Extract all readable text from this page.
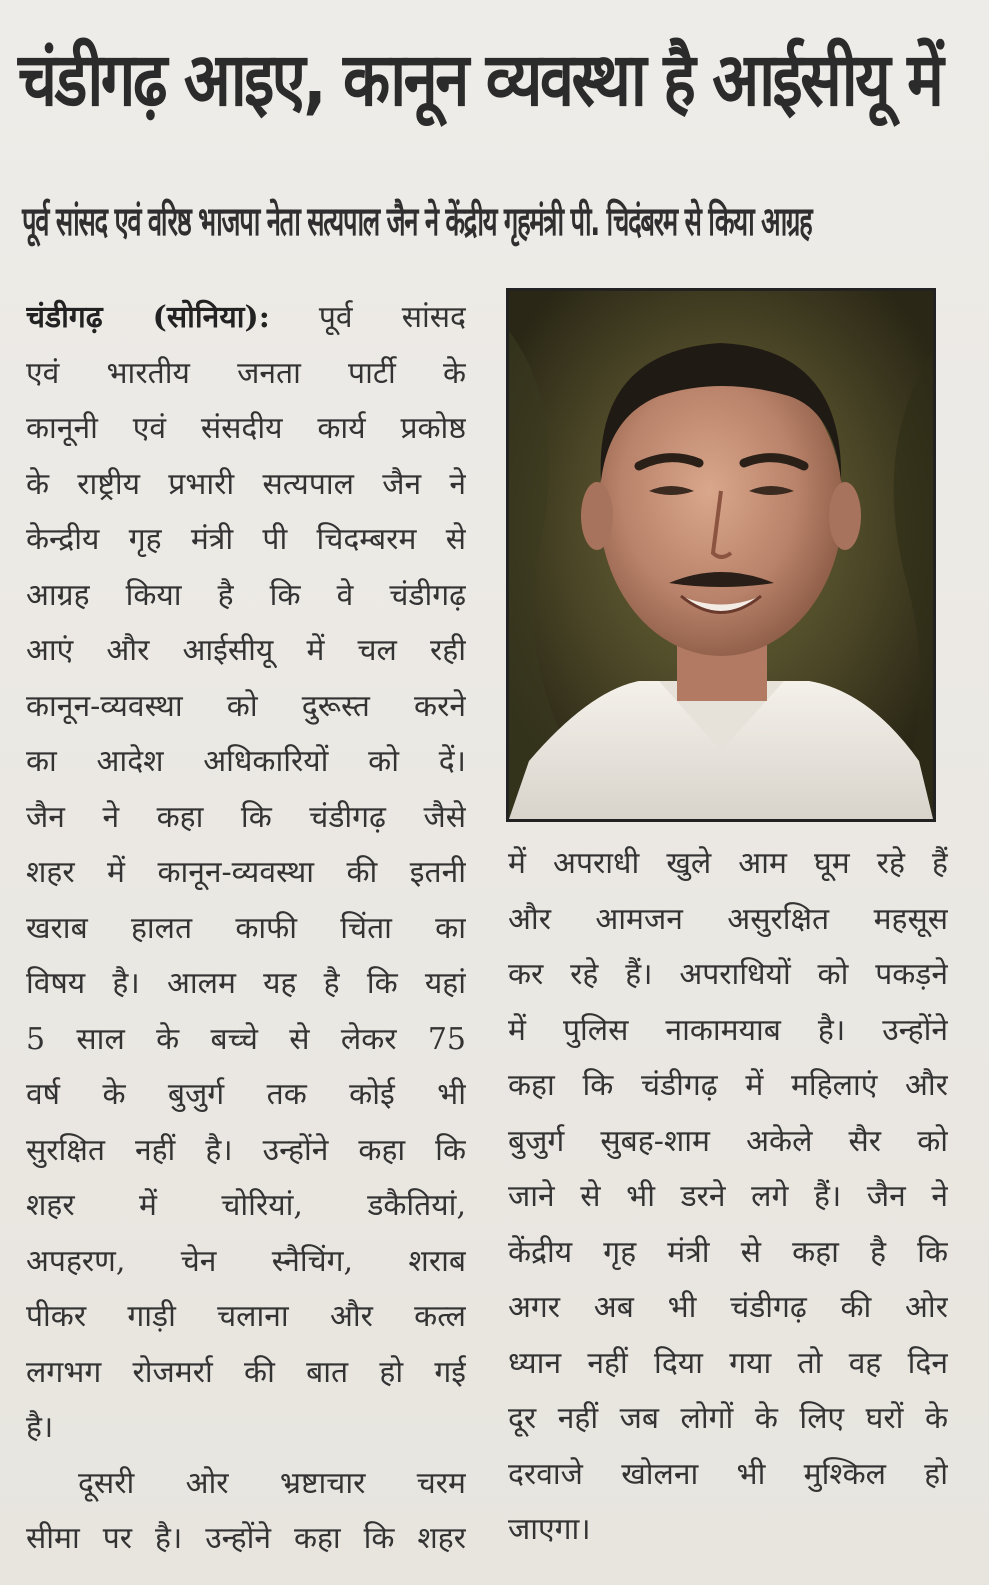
चंडीगढ़ आइए, कानून व्यवस्था है आईसीयू में
पूर्व सांसद एवं वरिष्ठ भाजपा नेता सत्यपाल जैन ने केंद्रीय गृहमंत्री पी. चिदंबरम से किया आग्रह
चंडीगढ़ (सोनिया): पूर्व सांसद
एवं भारतीय जनता पार्टी के
कानूनी एवं संसदीय कार्य प्रकोष्ठ
के राष्ट्रीय प्रभारी सत्यपाल जैन ने
केन्द्रीय गृह मंत्री पी चिदम्बरम से
आग्रह किया है कि वे चंडीगढ़
आएं और आईसीयू में चल रही
कानून-व्यवस्था को दुरूस्त करने
का आदेश अधिकारियों को दें।
जैन ने कहा कि चंडीगढ़ जैसे
शहर में कानून-व्यवस्था की इतनी
खराब हालत काफी चिंता का
विषय है। आलम यह है कि यहां
5 साल के बच्चे से लेकर 75
वर्ष के बुजुर्ग तक कोई भी
सुरक्षित नहीं है। उन्होंने कहा कि
शहर में चोरियां, डकैतियां,
अपहरण, चेन स्नैचिंग, शराब
पीकर गाड़ी चलाना और कत्ल
लगभग रोजमर्रा की बात हो गई
है।
दूसरी ओर भ्रष्टाचार चरम
सीमा पर है। उन्होंने कहा कि शहर
में अपराधी खुले आम घूम रहे हैं
और आमजन असुरक्षित महसूस
कर रहे हैं। अपराधियों को पकड़ने
में पुलिस नाकामयाब है। उन्होंने
कहा कि चंडीगढ़ में महिलाएं और
बुजुर्ग सुबह-शाम अकेले सैर को
जाने से भी डरने लगे हैं। जैन ने
केंद्रीय गृह मंत्री से कहा है कि
अगर अब भी चंडीगढ़ की ओर
ध्यान नहीं दिया गया तो वह दिन
दूर नहीं जब लोगों के लिए घरों के
दरवाजे खोलना भी मुश्किल हो
जाएगा।
